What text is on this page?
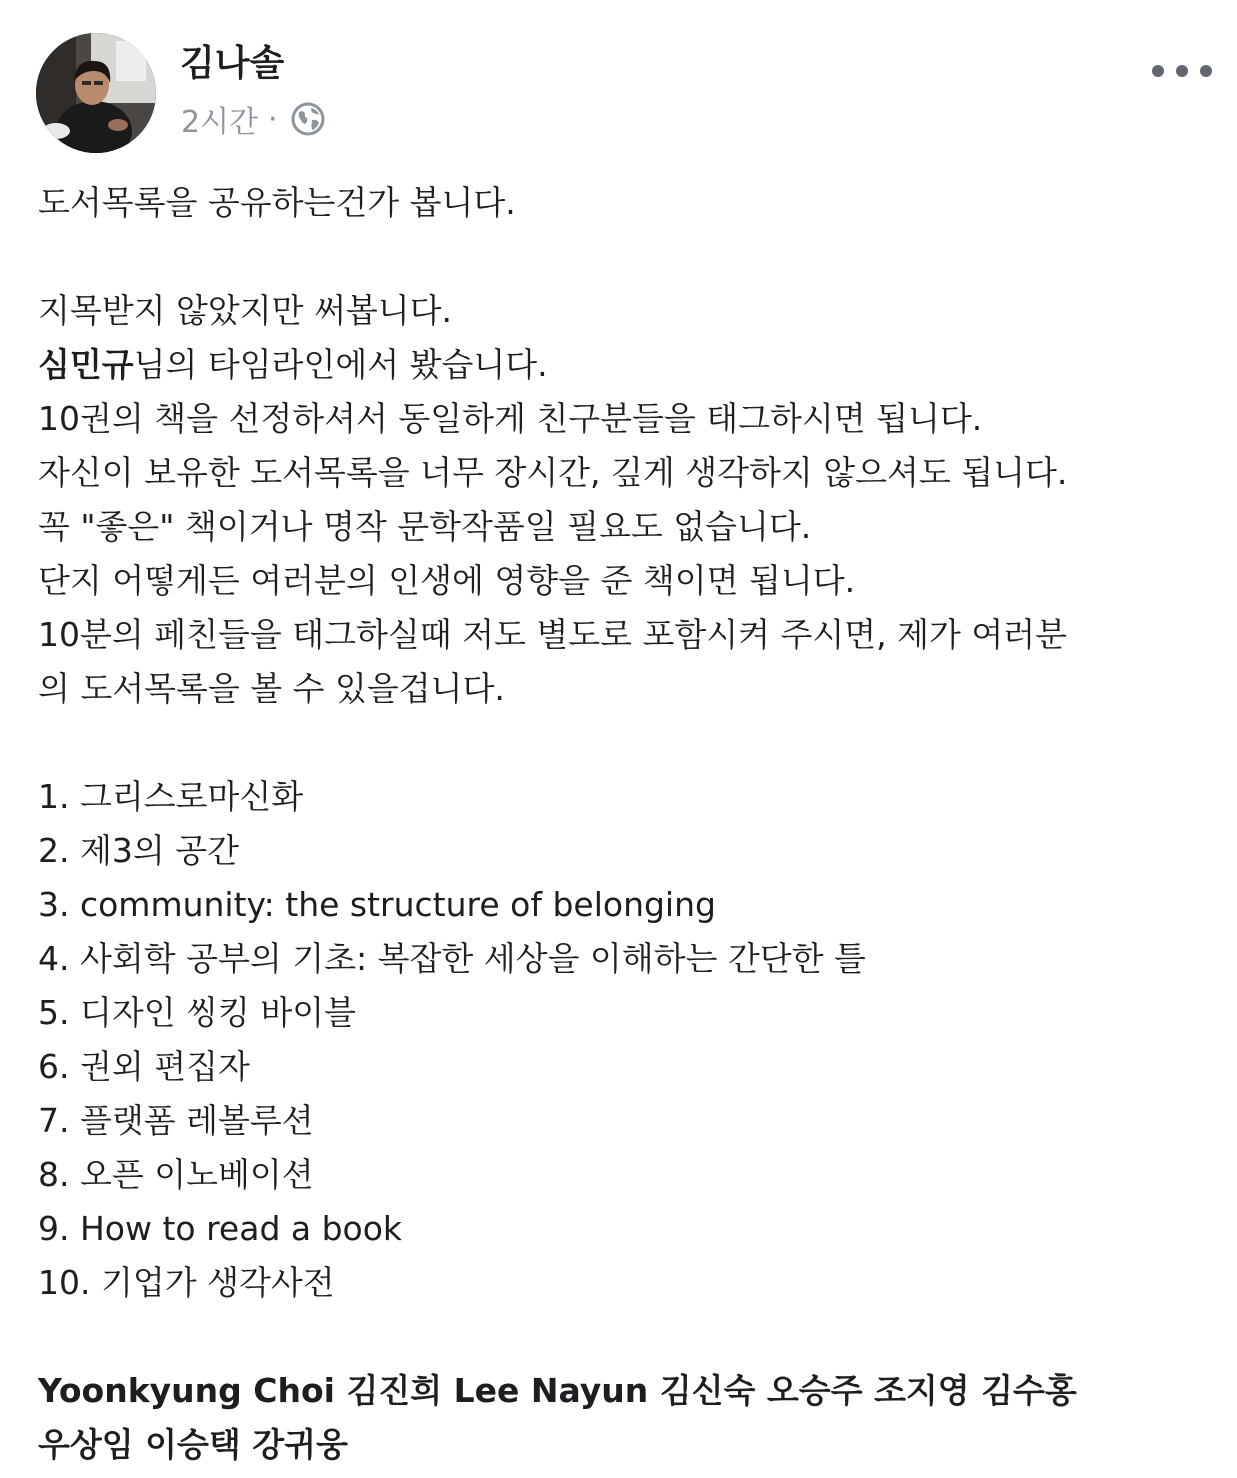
김나솔
2시간 ·
도서목록을 공유하는건가 봅니다.
지목받지 않았지만 써봅니다.
심민규님의 타임라인에서 봤습니다.
10권의 책을 선정하셔서 동일하게 친구분들을 태그하시면 됩니다.
자신이 보유한 도서목록을 너무 장시간, 깊게 생각하지 않으셔도 됩니다.
꼭 "좋은" 책이거나 명작 문학작품일 필요도 없습니다.
단지 어떻게든 여러분의 인생에 영향을 준 책이면 됩니다.
10분의 페친들을 태그하실때 저도 별도로 포함시켜 주시면, 제가 여러분
의 도서목록을 볼 수 있을겁니다.
1. 그리스로마신화
2. 제3의 공간
3. community: the structure of belonging
4. 사회학 공부의 기초: 복잡한 세상을 이해하는 간단한 틀
5. 디자인 씽킹 바이블
6. 권외 편집자
7. 플랫폼 레볼루션
8. 오픈 이노베이션
9. How to read a book
10. 기업가 생각사전
Yoonkyung Choi 김진희 Lee Nayun 김신숙 오승주 조지영 김수홍
우상임 이승택 강귀웅
